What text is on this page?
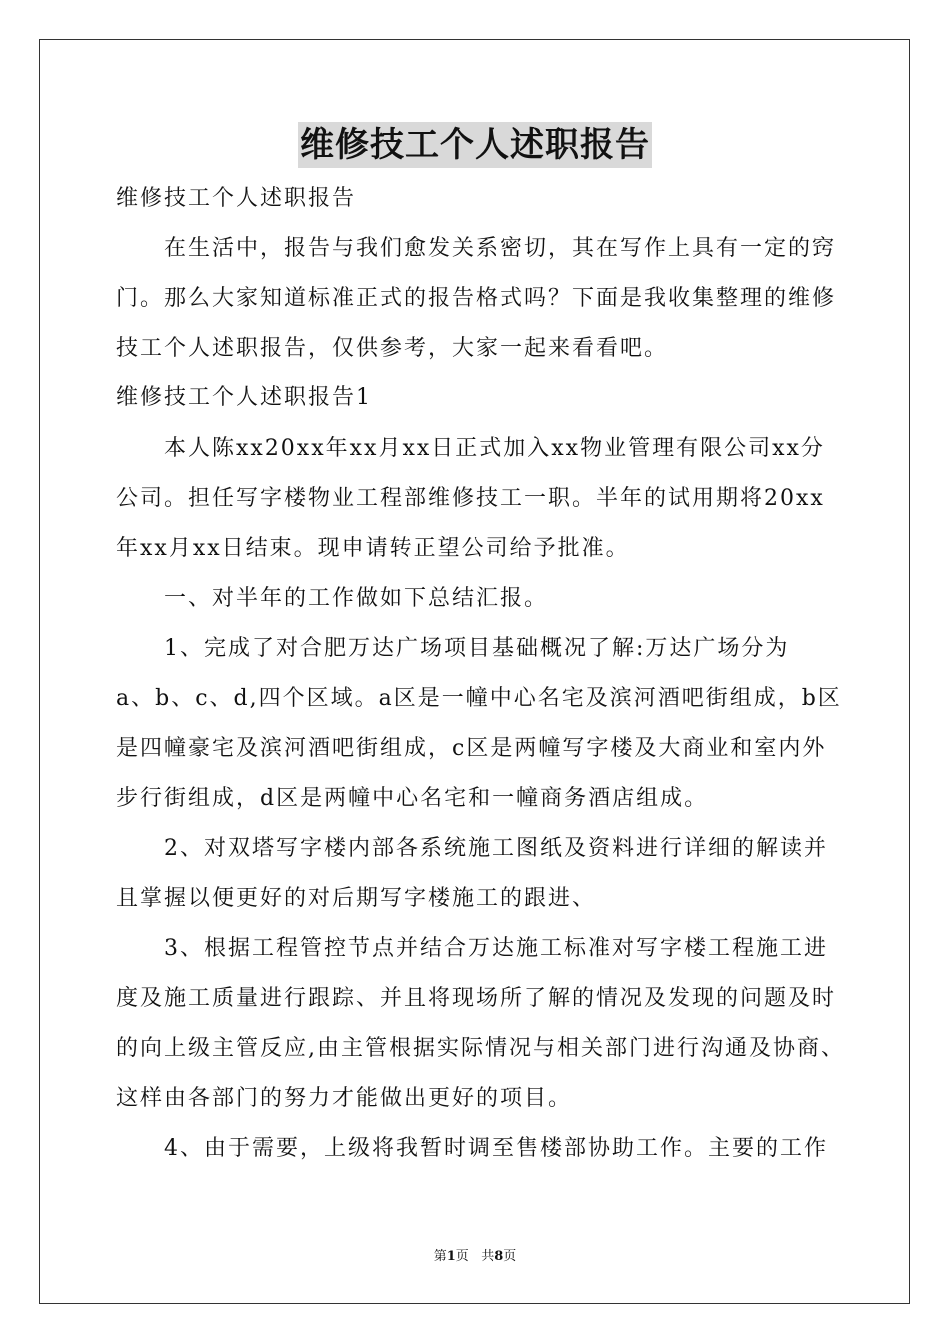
维修技工个人述职报告
维修技工个人述职报告
在生活中，报告与我们愈发关系密切，其在写作上具有一定的窍
门。那么大家知道标准正式的报告格式吗？下面是我收集整理的维修
技工个人述职报告，仅供参考，大家一起来看看吧。
维修技工个人述职报告1
本人陈xx20xx年xx月xx日正式加入xx物业管理有限公司xx分
公司。担任写字楼物业工程部维修技工一职。半年的试用期将20xx
年xx月xx日结束。现申请转正望公司给予批准。
一、对半年的工作做如下总结汇报。
1、完成了对合肥万达广场项目基础概况了解:万达广场分为
a、b、c、d,四个区域。a区是一幢中心名宅及滨河酒吧街组成，b区
是四幢豪宅及滨河酒吧街组成，c区是两幢写字楼及大商业和室内外
步行街组成，d区是两幢中心名宅和一幢商务酒店组成。
2、对双塔写字楼内部各系统施工图纸及资料进行详细的解读并
且掌握以便更好的对后期写字楼施工的跟进、
3、根据工程管控节点并结合万达施工标准对写字楼工程施工进
度及施工质量进行跟踪、并且将现场所了解的情况及发现的问题及时
的向上级主管反应,由主管根据实际情况与相关部门进行沟通及协商、
这样由各部门的努力才能做出更好的项目。
4、由于需要，上级将我暂时调至售楼部协助工作。主要的工作
第1页 共8页
